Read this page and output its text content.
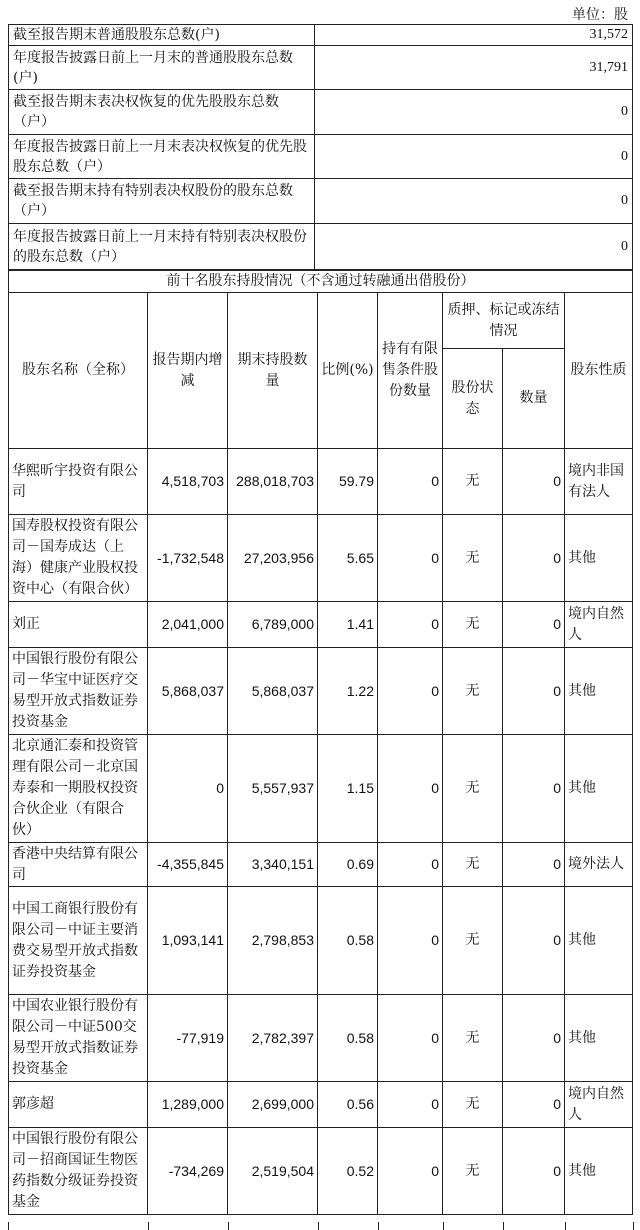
单位：股
截至报告期末普通股股东总数(户)	31,572
年度报告披露日前上一月末的普通股股东总数(户)	31,791
截至报告期末表决权恢复的优先股股东总数（户）	0
年度报告披露日前上一月末表决权恢复的优先股股东总数（户）	0
截至报告期末持有特别表决权股份的股东总数（户）	0
年度报告披露日前上一月末持有特别表决权股份的股东总数（户）	0
前十名股东持股情况（不含通过转融通出借股份）							
股东名称（全称）	报告期内增减	期末持股数量	比例(%)	持有有限售条件股份数量	质押、标记或冻结情况		股东性质
					股份状态	数量	
华熙昕宇投资有限公司	4,518,703	288,018,703	59.79	0	无	0	境内非国有法人
国寿股权投资有限公司－国寿成达（上海）健康产业股权投资中心（有限合伙）	-1,732,548	27,203,956	5.65	0	无	0	其他
刘正	2,041,000	6,789,000	1.41	0	无	0	境内自然人
中国银行股份有限公司－华宝中证医疗交易型开放式指数证券投资基金	5,868,037	5,868,037	1.22	0	无	0	其他
北京通汇泰和投资管理有限公司－北京国寿泰和一期股权投资合伙企业（有限合伙）	0	5,557,937	1.15	0	无	0	其他
香港中央结算有限公司	-4,355,845	3,340,151	0.69	0	无	0	境外法人
中国工商银行股份有限公司－中证主要消费交易型开放式指数证券投资基金	1,093,141	2,798,853	0.58	0	无	0	其他
中国农业银行股份有限公司－中证500交易型开放式指数证券投资基金	-77,919	2,782,397	0.58	0	无	0	其他
郭彦超	1,289,000	2,699,000	0.56	0	无	0	境内自然人
中国银行股份有限公司－招商国证生物医药指数分级证券投资基金	-734,269	2,519,504	0.52	0	无	0	其他
